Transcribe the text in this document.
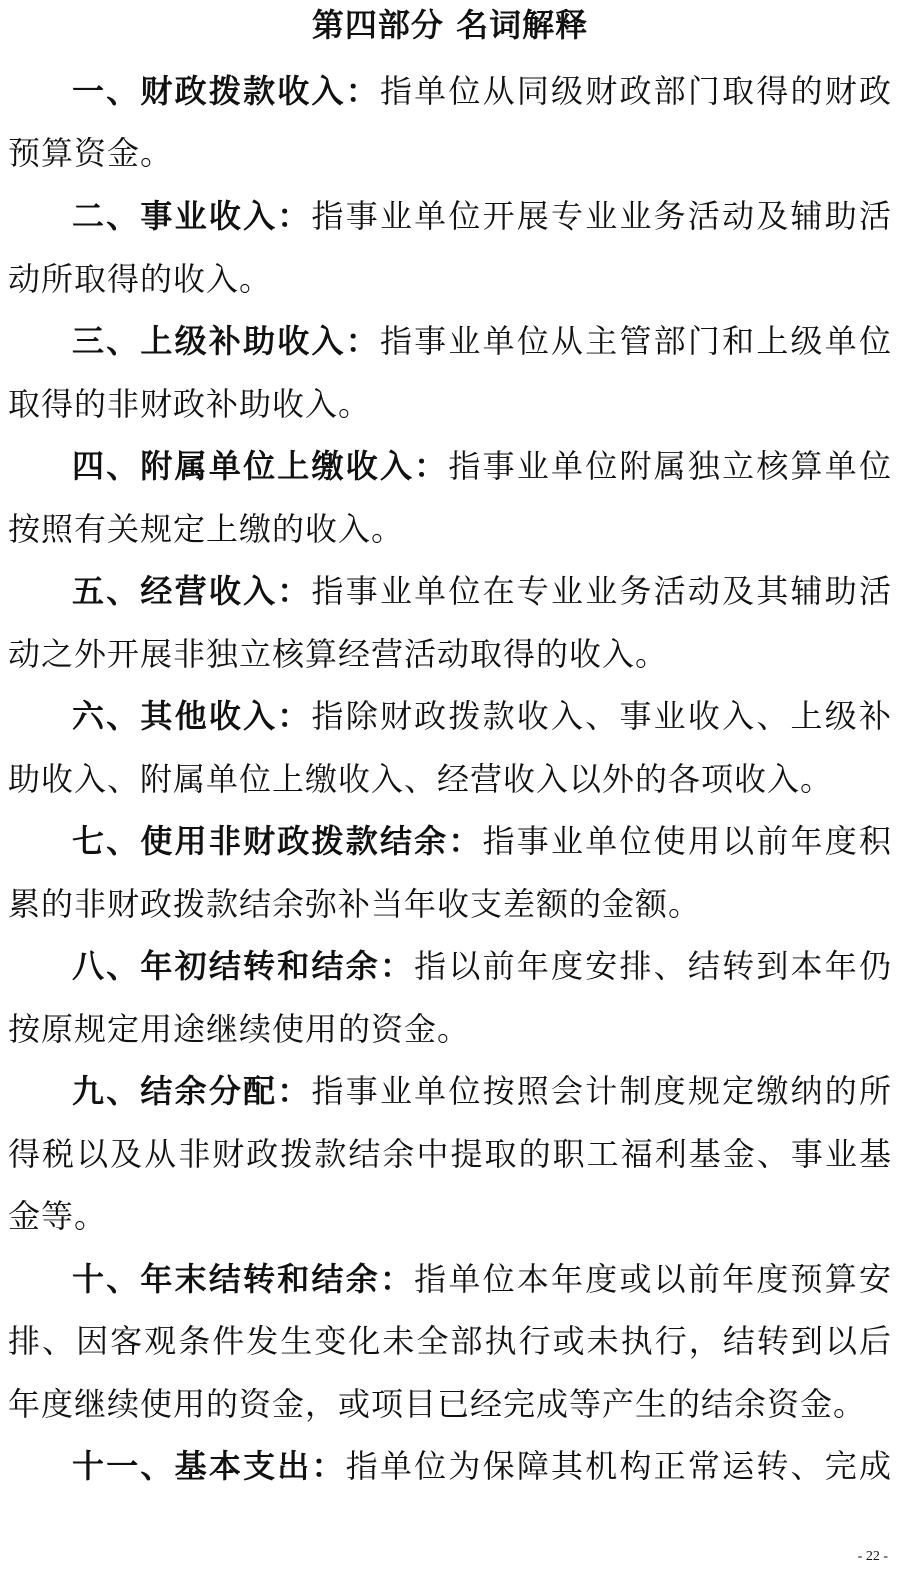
第四部分 名词解释
一、财政拨款收入：指单位从同级财政部门取得的财政
预算资金。
二、事业收入：指事业单位开展专业业务活动及辅助活
动所取得的收入。
三、上级补助收入：指事业单位从主管部门和上级单位
取得的非财政补助收入。
四、附属单位上缴收入：指事业单位附属独立核算单位
按照有关规定上缴的收入。
五、经营收入：指事业单位在专业业务活动及其辅助活
动之外开展非独立核算经营活动取得的收入。
六、其他收入：指除财政拨款收入、事业收入、上级补
助收入、附属单位上缴收入、经营收入以外的各项收入。
七、使用非财政拨款结余：指事业单位使用以前年度积
累的非财政拨款结余弥补当年收支差额的金额。
八、年初结转和结余：指以前年度安排、结转到本年仍
按原规定用途继续使用的资金。
九、结余分配：指事业单位按照会计制度规定缴纳的所
得税以及从非财政拨款结余中提取的职工福利基金、事业基
金等。
十、年末结转和结余：指单位本年度或以前年度预算安
排、因客观条件发生变化未全部执行或未执行，结转到以后
年度继续使用的资金，或项目已经完成等产生的结余资金。
十一、基本支出：指单位为保障其机构正常运转、完成
- 22 -
